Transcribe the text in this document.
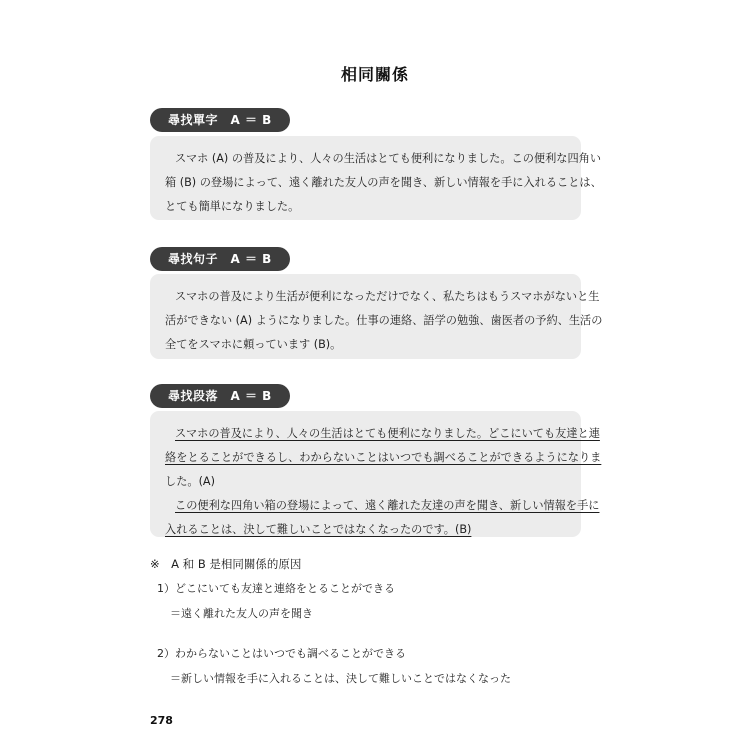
相同關係
尋找單字　A ＝ B
スマホ (A) の普及により、人々の生活はとても便利になりました。この便利な四角い
箱 (B) の登場によって、遠く離れた友人の声を聞き、新しい情報を手に入れることは、
とても簡単になりました。
尋找句子　A ＝ B
スマホの普及により生活が便利になっただけでなく、私たちはもうスマホがないと生
活ができない (A) ようになりました。仕事の連絡、語学の勉強、歯医者の予約、生活の
全てをスマホに頼っています (B)。
尋找段落　A ＝ B
スマホの普及により、人々の生活はとても便利になりました。どこにいても友達と連
絡をとることができるし、わからないことはいつでも調べることができるようになりま
した。(A)
この便利な四角い箱の登場によって、遠く離れた友達の声を聞き、新しい情報を手に
入れることは、決して難しいことではなくなったのです。(B)
※　A 和 B 是相同關係的原因
1）どこにいても友達と連絡をとることができる
＝遠く離れた友人の声を聞き
2）わからないことはいつでも調べることができる
＝新しい情報を手に入れることは、決して難しいことではなくなった
278
